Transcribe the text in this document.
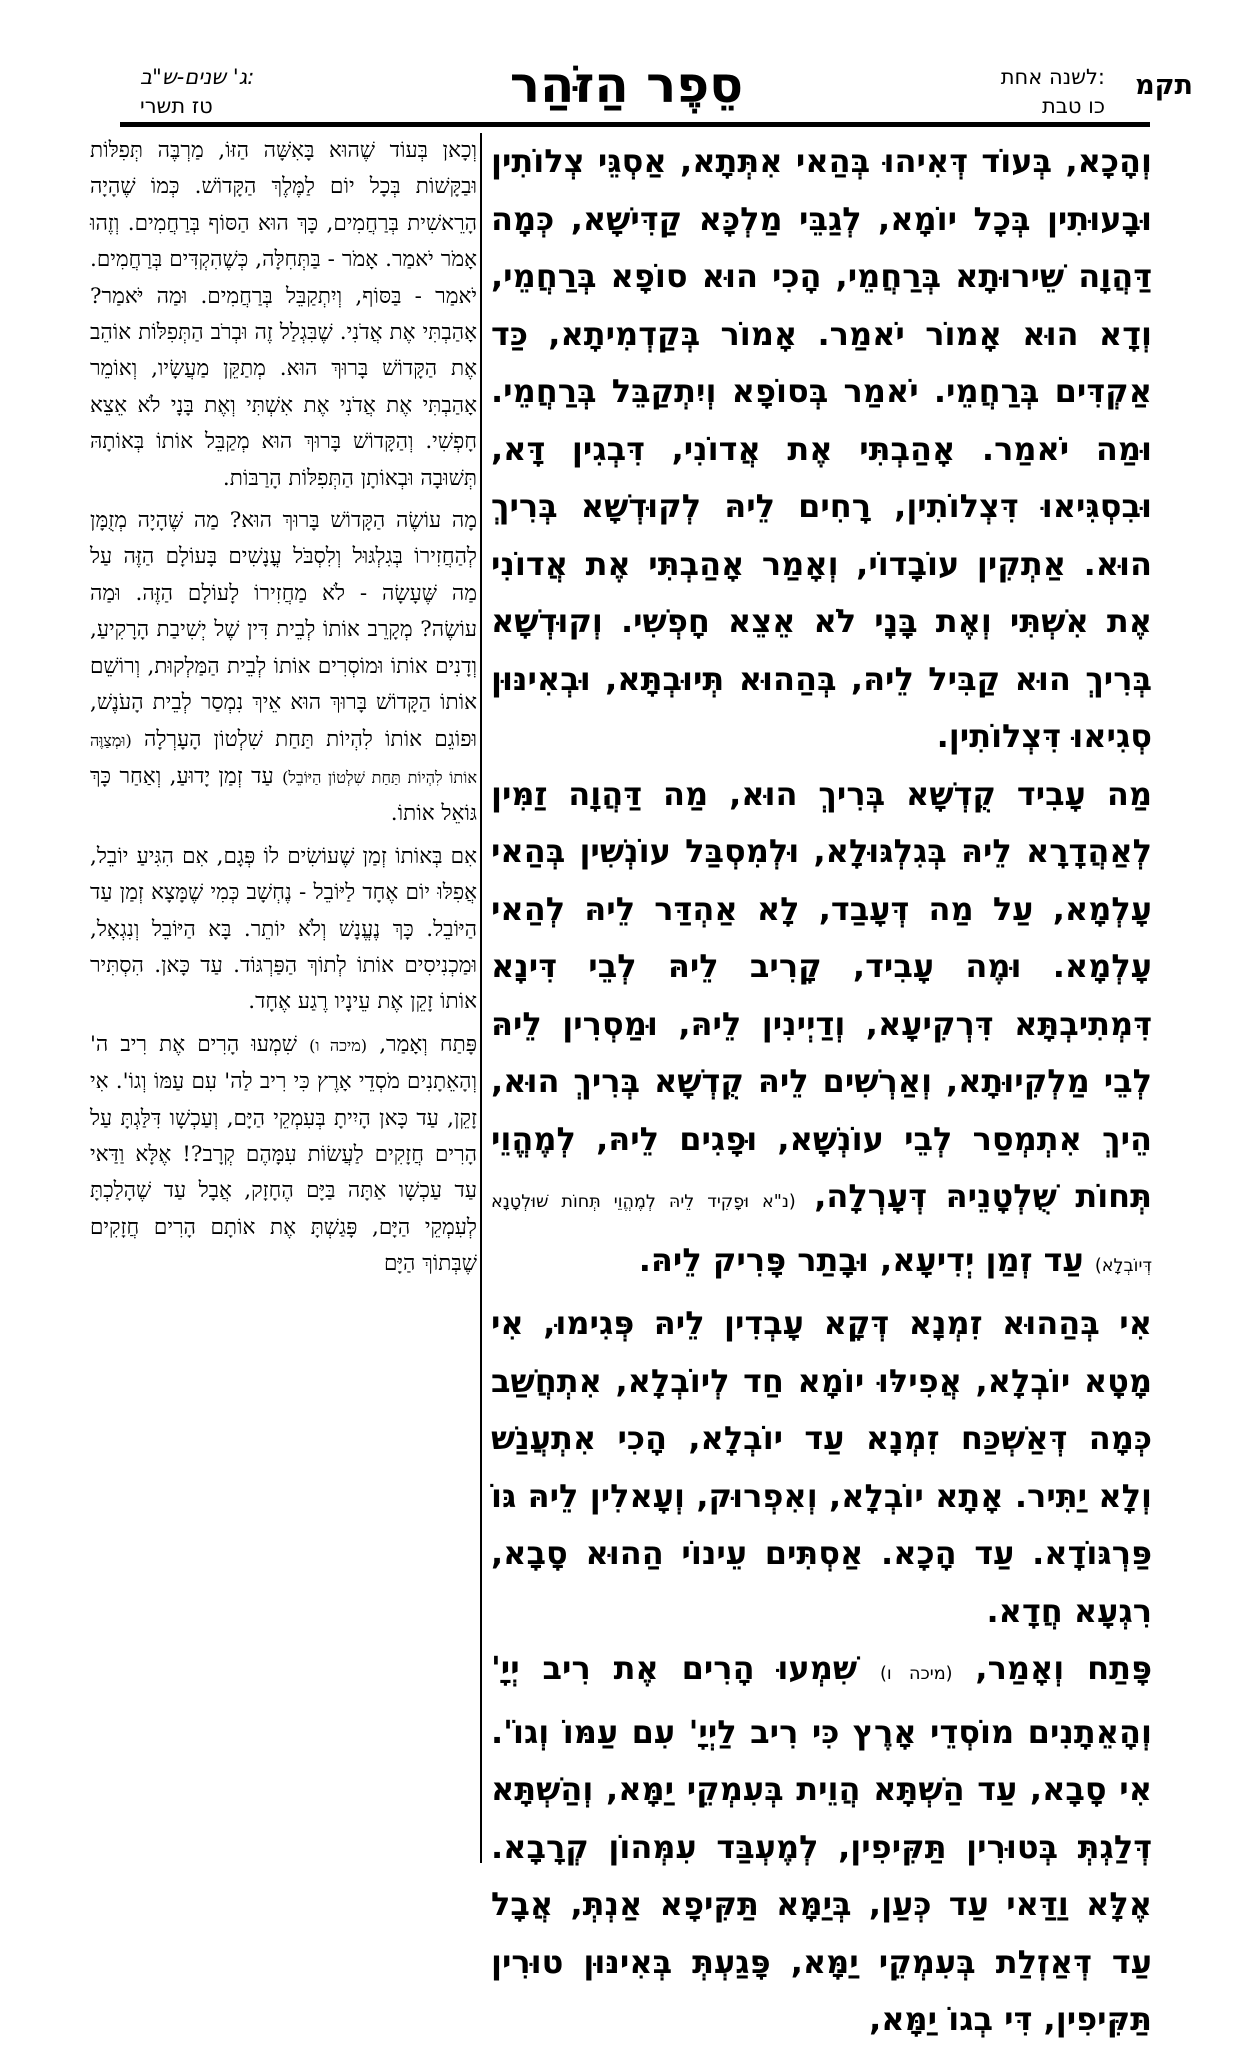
תקמ

לשנה אחת:

כו טבת

סֵפֶר הַזֹּהַר

ג' שנים-ש"ב:

טז תשרי

וְהָכָא, בְּעוֹד דְּאִיהוּ בְּהַאי אִתְּתָא, אַסְגֵּי צְלוֹתִין וּבָעוּתִין בְּכָל יוֹמָא, לְגַבֵּי מַלְכָּא קַדִּישָׁא, כְּמָה דַּהֲוָה שֵׁירוּתָא בְּרַחֲמֵי, הָכִי הוּא סוֹפָא בְּרַחֲמֵי, וְדָא הוּא אָמוֹר יֹאמַר. אָמוֹר בְּקַדְמִיתָא, כַּד אַקְדִּים בְּרַחֲמֵי. יֹאמַר בְּסוֹפָא וְיִתְקַבֵּל בְּרַחֲמֵי. וּמַה יֹאמַר. אָהַבְתִּי אֶת אֲדוֹנִי, דִּבְגִין דָּא, וּבִסְגִּיאוּ דִּצְלוֹתִין, רָחִים לֵיהּ לְקוּדְשָׁא בְּרִיךְ הוּא. אַתְקִין עוֹבָדוֹי, וְאָמַר אָהַבְתִּי אֶת אֲדוֹנִי אֶת אִשְׁתִּי וְאֶת בָּנָי לֹא אֵצֵא חָפְשִׁי. וְקוּדְשָׁא בְּרִיךְ הוּא קַבִּיל לֵיהּ, בְּהַהוּא תְּיוּבְתָּא, וּבְאִינּוּן סְגִיאוּ דִּצְלוֹתִין.

מַה עָבִיד קֻדְשָׁא בְּרִיךְ הוּא, מַה דַּהֲוָה זַמִּין לְאַהֲדָרָא לֵיהּ בְּגִלְגּוּלָא, וּלְמִסְבַּל עוֹנְשִׁין בְּהַאי עָלְמָא, עַל מַה דְּעָבַד, לָא אַהְדַּר לֵיהּ לְהַאי עָלְמָא. וּמֶה עָבִיד, קָרִיב לֵיהּ לְבֵי דִּינָא דִּמְתִיבְתָּא דִּרְקִיעָא, וְדַיְינִין לֵיהּ, וּמַסְרִין לֵיהּ לְבֵי מַלְקִיוּתָא, וְאַרְשִׁים לֵיהּ קֻדְשָׁא בְּרִיךְ הוּא, הֵיךְ אִתְמְסַר לְבֵי עוֹנְשָׁא, וּפָגִים לֵיהּ, לְמֶהֱוֵי תְּחוֹת שֻׁלְטָנֵיהּ דְּעָרְלָה, (נ"א וּפָקִיד לֵיהּ לְמֶהֱוֵי תְּחוֹת שׁוּלְטָנָא דְּיוֹבְלָא) עַד זְמַן יְדִיעָא, וּבָתַר פָּרִיק לֵיהּ.

אִי בְּהַהוּא זִמְנָא דְּקָא עָבְדִין לֵיהּ פְּגִימוּ, אִי מָטָא יוֹבְלָא, אֲפִילּוּ יוֹמָא חַד לְיוֹבְלָא, אִתְחֲשַׁב כְּמָה דְּאַשְׁכַּח זִמְנָא עַד יוֹבְלָא, הָכִי אִתְעֲנַשׁ וְלָא יַתִּיר. אָתָא יוֹבְלָא, וְאִפְרוּק, וְעָאלִין לֵיהּ גּוֹ פַּרְגּוֹדָא. עַד הָכָא. אַסְתִּים עֵינוֹי הַהוּא סָבָא, רִגְעָא חֲדָא.

פָּתַח וְאָמַר, (מיכה ו) שִׁמְעוּ הָרִים אֶת רִיב יְיָ' וְהָאֵתָנִים מוֹסְדֵי אָרֶץ כִּי רִיב לַיְיָ' עִם עַמּוֹ וְגוֹ'. אִי סָבָא, עַד הַשְׁתָּא הֲוֵית בְּעִמְקֵי יַמָּא, וְהַשְׁתָּא דְּלַגְתְּ בְּטוּרִין תַּקִּיפִין, לְמֶעְבַּד עִמְּהוֹן קְרָבָא. אֶלָּא וַדַּאי עַד כְּעַן, בְּיַמָּא תַּקִּיפָא אַנְתְּ, אֲבָל עַד דְּאַזְלַת בְּעִמְקֵי יַמָּא, פָּגַעְתְּ בְּאִינּוּן טוּרִין תַּקִּיפִין, דִּי בְגוֹ יַמָּא,

וְכָאן בְּעוֹד שֶׁהוּא בָּאִשָּׁה הַזּוֹ, מַרְבֶּה תְּפִלּוֹת וּבַקָּשׁוֹת בְּכָל יוֹם לַמֶּלֶךְ הַקָּדוֹשׁ. כְּמוֹ שֶׁהָיָה הָרֵאשִׁית בְּרַחֲמִים, כָּךְ הוּא הַסּוֹף בְּרַחֲמִים. וְזֶהוּ אָמֹר יֹאמַר. אָמֹר - בַּתְּחִלָּה, כְּשֶׁהִקְדִּים בְּרַחֲמִים. יֹאמַר - בַּסּוֹף, וְיִתְקַבֵּל בְּרַחֲמִים. וּמַה יֹּאמַר? אָהַבְתִּי אֶת אֲדֹנִי. שֶׁבִּגְלַל זֶה וּבְרֹב הַתְּפִלּוֹת אוֹהֵב אֶת הַקָּדוֹשׁ בָּרוּךְ הוּא. מְתַקֵּן מַעֲשָׂיו, וְאוֹמֵר אָהַבְתִּי אֶת אֲדֹנִי אֶת אִשְׁתִּי וְאֶת בָּנָי לֹא אֵצֵא חָפְשִׁי. וְהַקָּדוֹשׁ בָּרוּךְ הוּא מְקַבֵּל אוֹתוֹ בְּאוֹתָהּ תְּשׁוּבָה וּבְאוֹתָן הַתְּפִלּוֹת הָרַבּוֹת.

מָה עוֹשֶׂה הַקָּדוֹשׁ בָּרוּךְ הוּא? מַה שֶּׁהָיָה מְזֻמָּן לְהַחֲזִירוֹ בְּגִלְגּוּל וְלִסְבֹּל עֳנָשִׁים בָּעוֹלָם הַזֶּה עַל מַה שֶּׁעָשָׂה - לֹא מַחֲזִירוֹ לָעוֹלָם הַזֶּה. וּמַה עוֹשֶׂה? מְקָרֵב אוֹתוֹ לְבֵית דִּין שֶׁל יְשִׁיבַת הָרָקִיעַ, וְדָנִים אוֹתוֹ וּמוֹסְרִים אוֹתוֹ לְבֵית הַמַּלְקוּת, וְרוֹשֵׁם אוֹתוֹ הַקָּדוֹשׁ בָּרוּךְ הוּא אֵיךְ נִמְסַר לְבֵית הָעֹנֶשׁ, וּפוֹגֵם אוֹתוֹ לִהְיוֹת תַּחַת שִׁלְטוֹן הָעָרְלָה (וּמְצַוֶּה אוֹתוֹ לִהְיוֹת תַּחַת שִׁלְטוֹן הַיּוֹבֵל) עַד זְמַן יָדוּעַ, וְאַחַר כָּךְ גּוֹאֵל אוֹתוֹ.

אִם בְּאוֹתוֹ זְמַן שֶׁעוֹשִׂים לוֹ פְּגָם, אִם הִגִּיעַ יוֹבֵל, אֲפִלּוּ יוֹם אֶחָד לַיּוֹבֵל - נֶחְשָׁב כְּמִי שֶׁמָּצָא זְמַן עַד הַיּוֹבֵל. כָּךְ נֶעֱנָשׁ וְלֹא יוֹתֵר. בָּא הַיּוֹבֵל וְנִגְאָל, וּמַכְנִיסִים אוֹתוֹ לְתוֹךְ הַפַּרְגּוֹד. עַד כָּאן. הִסְתִּיר אוֹתוֹ זָקֵן אֶת עֵינָיו רֶגַע אֶחָד.

פָּתַח וְאָמַר, (מיכה ו) שִׁמְעוּ הָרִים אֶת רִיב ה' וְהָאֵתָנִים מֹסְדֵי אָרֶץ כִּי רִיב לַה' עִם עַמּוֹ וְגוֹ'. אִי זָקֵן, עַד כָּאן הָיִיתָ בְּעִמְקֵי הַיָּם, וְעַכְשָׁו דִּלַּגְתָּ עַל הָרִים חֲזָקִים לַעֲשׂוֹת עִמָּהֶם קְרָב?! אֶלָּא וַדַּאי עַד עַכְשָׁו אַתָּה בַּיָּם הֶחָזָק, אֲבָל עַד שֶׁהָלַכְתָּ לְעִמְקֵי הַיָּם, פָּגַשְׁתָּ אֶת אוֹתָם הָרִים חֲזָקִים שֶׁבְּתוֹךְ הַיָּם
